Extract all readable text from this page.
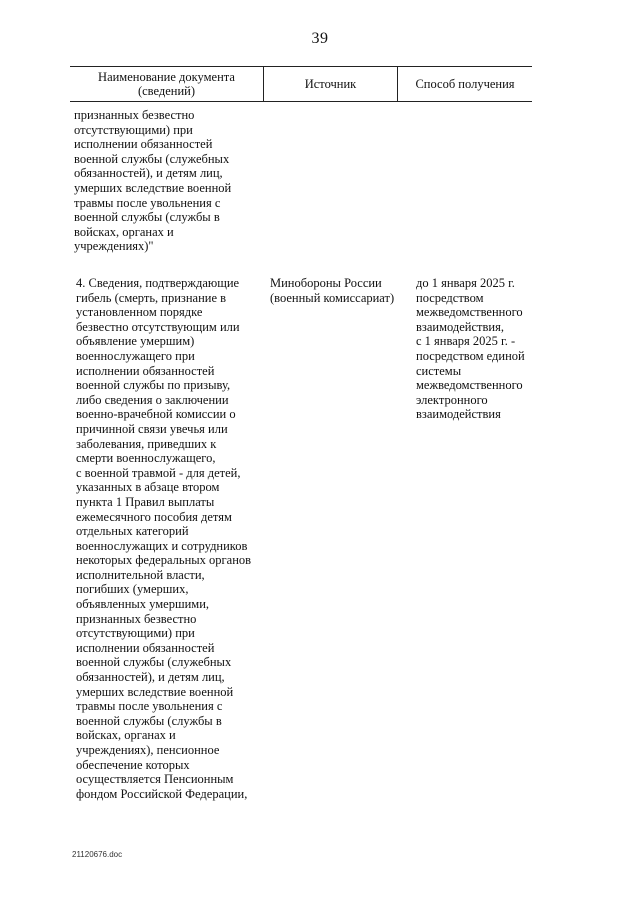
39
Наименование документа
(сведений)	Источник	Способ получения
признанных безвестно
отсутствующими) при
исполнении обязанностей
военной службы (служебных
обязанностей), и детям лиц,
умерших вследствие военной
травмы после увольнения с
военной службы (службы в
войсках, органах и
учреждениях)"
4. Сведения, подтверждающие
гибель (смерть, признание в
установленном порядке
безвестно отсутствующим или
объявление умершим)
военнослужащего при
исполнении обязанностей
военной службы по призыву,
либо сведения о заключении
военно-врачебной комиссии о
причинной связи увечья или
заболевания, приведших к
смерти военнослужащего,
с военной травмой - для детей,
указанных в абзаце втором
пункта 1 Правил выплаты
ежемесячного пособия детям
отдельных категорий
военнослужащих и сотрудников
некоторых федеральных органов
исполнительной власти,
погибших (умерших,
объявленных умершими,
признанных безвестно
отсутствующими) при
исполнении обязанностей
военной службы (служебных
обязанностей), и детям лиц,
умерших вследствие военной
травмы после увольнения с
военной службы (службы в
войсках, органах и
учреждениях), пенсионное
обеспечение которых
осуществляется Пенсионным
фондом Российской Федерации,
Минобороны России
(военный комиссариат)
до 1 января 2025 г.
посредством
межведомственного
взаимодействия,
с 1 января 2025 г. -
посредством единой
системы
межведомственного
электронного
взаимодействия
21120676.doc
